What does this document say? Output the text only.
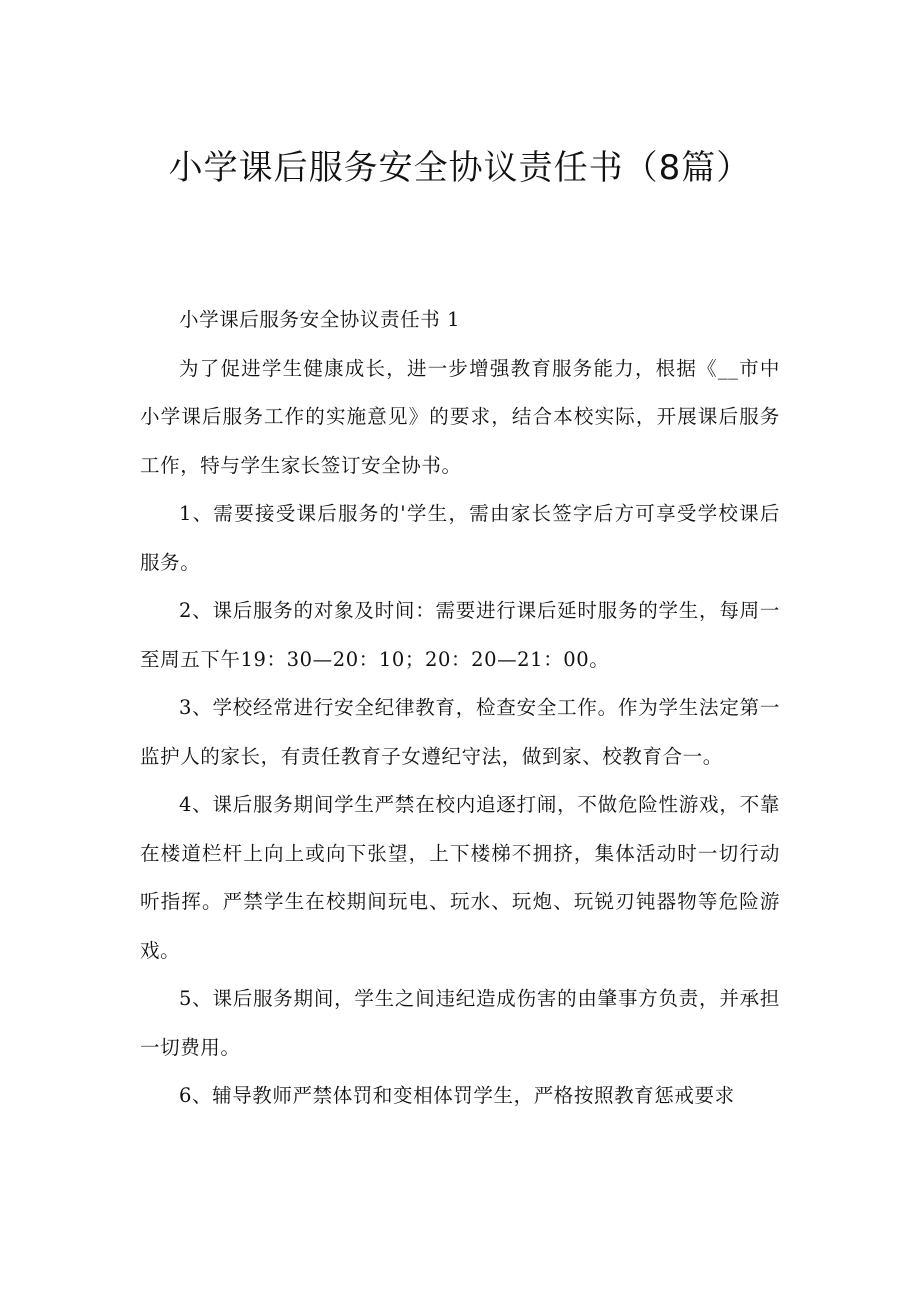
小学课后服务安全协议责任书（8篇）

小学课后服务安全协议责任书 1

为了促进学生健康成长，进一步增强教育服务能力，根据《__市中小学课后服务工作的实施意见》的要求，结合本校实际，开展课后服务工作，特与学生家长签订安全协书。

1、需要接受课后服务的'学生，需由家长签字后方可享受学校课后服务。

2、课后服务的对象及时间：需要进行课后延时服务的学生，每周一至周五下午19：30—20：10；20：20—21：00。

3、学校经常进行安全纪律教育，检查安全工作。作为学生法定第一监护人的家长，有责任教育子女遵纪守法，做到家、校教育合一。

4、课后服务期间学生严禁在校内追逐打闹，不做危险性游戏，不靠在楼道栏杆上向上或向下张望，上下楼梯不拥挤，集体活动时一切行动听指挥。严禁学生在校期间玩电、玩水、玩炮、玩锐刃钝器物等危险游戏。

5、课后服务期间，学生之间违纪造成伤害的由肇事方负责，并承担一切费用。

6、辅导教师严禁体罚和变相体罚学生，严格按照教育惩戒要求
